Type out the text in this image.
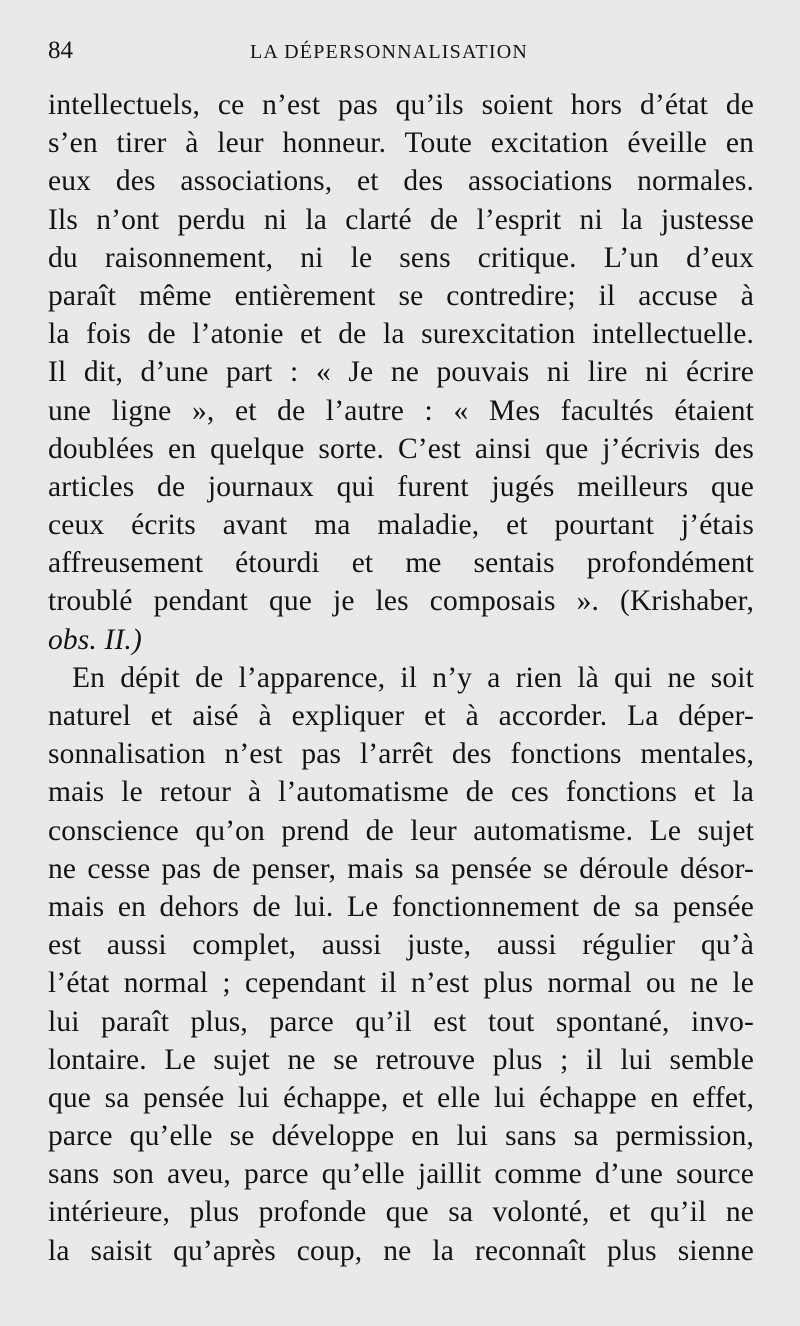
84	LA DÉPERSONNALISATION
intellectuels, ce n’est pas qu’ils soient hors d’état de
s’en tirer à leur honneur. Toute excitation éveille en
eux des associations, et des associations normales.
Ils n’ont perdu ni la clarté de l’esprit ni la justesse
du raisonnement, ni le sens critique. L’un d’eux
paraît même entièrement se contredire; il accuse à
la fois de l’atonie et de la surexcitation intellectuelle.
Il dit, d’une part : « Je ne pouvais ni lire ni écrire
une ligne », et de l’autre : « Mes facultés étaient
doublées en quelque sorte. C’est ainsi que j’écrivis des
articles de journaux qui furent jugés meilleurs que
ceux écrits avant ma maladie, et pourtant j’étais
affreusement étourdi et me sentais profondément
troublé pendant que je les composais ». (Krishaber,
obs. II.)
En dépit de l’apparence, il n’y a rien là qui ne soit
naturel et aisé à expliquer et à accorder. La déper-
sonnalisation n’est pas l’arrêt des fonctions mentales,
mais le retour à l’automatisme de ces fonctions et la
conscience qu’on prend de leur automatisme. Le sujet
ne cesse pas de penser, mais sa pensée se déroule désor-
mais en dehors de lui. Le fonctionnement de sa pensée
est aussi complet, aussi juste, aussi régulier qu’à
l’état normal ; cependant il n’est plus normal ou ne le
lui paraît plus, parce qu’il est tout spontané, invo-
lontaire. Le sujet ne se retrouve plus ; il lui semble
que sa pensée lui échappe, et elle lui échappe en effet,
parce qu’elle se développe en lui sans sa permission,
sans son aveu, parce qu’elle jaillit comme d’une source
intérieure, plus profonde que sa volonté, et qu’il ne
la saisit qu’après coup, ne la reconnaît plus sienne
